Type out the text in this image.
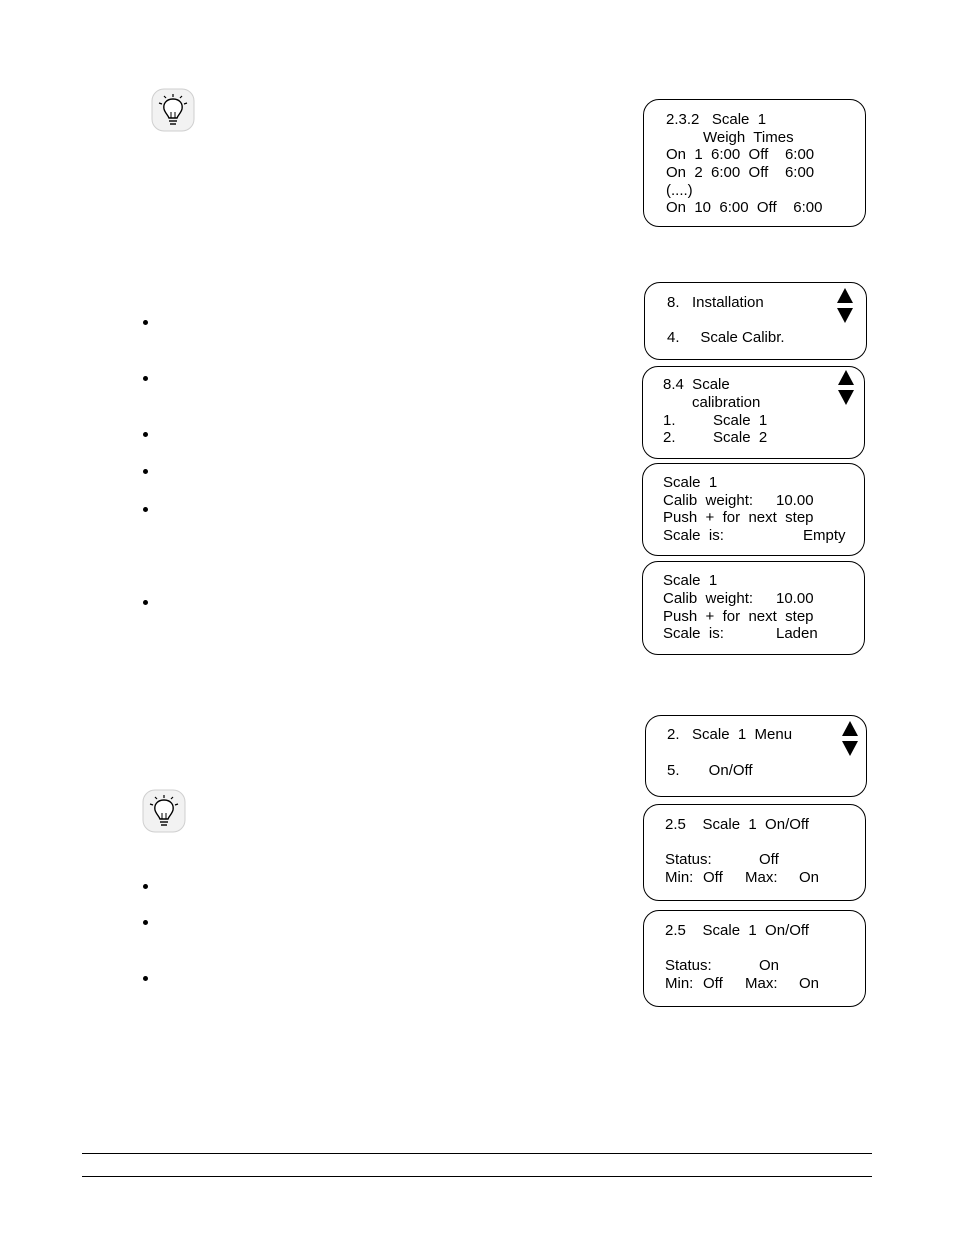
2.3.2   Scale  1
Weigh  Times
On  1  6:00  Off    6:00
On  2  6:00  Off    6:00
(....)
On  10  6:00  Off    6:00
8.   Installation
4.     Scale Calibr.
8.4  Scale
calibration
1.         Scale  1
2.         Scale  2
Scale  1
Calib  weight: 10.00
Push  +  for  next  step
Scale  is:	Empty
Scale  1
Calib  weight: 10.00
Push  +  for  next  step
Scale  is:	Laden
2.   Scale  1  Menu
5.       On/Off
2.5    Scale  1  On/Off
Status:	Off
Min: Off Max: On
2.5    Scale  1  On/Off
Status:	On
Min: Off Max: On
